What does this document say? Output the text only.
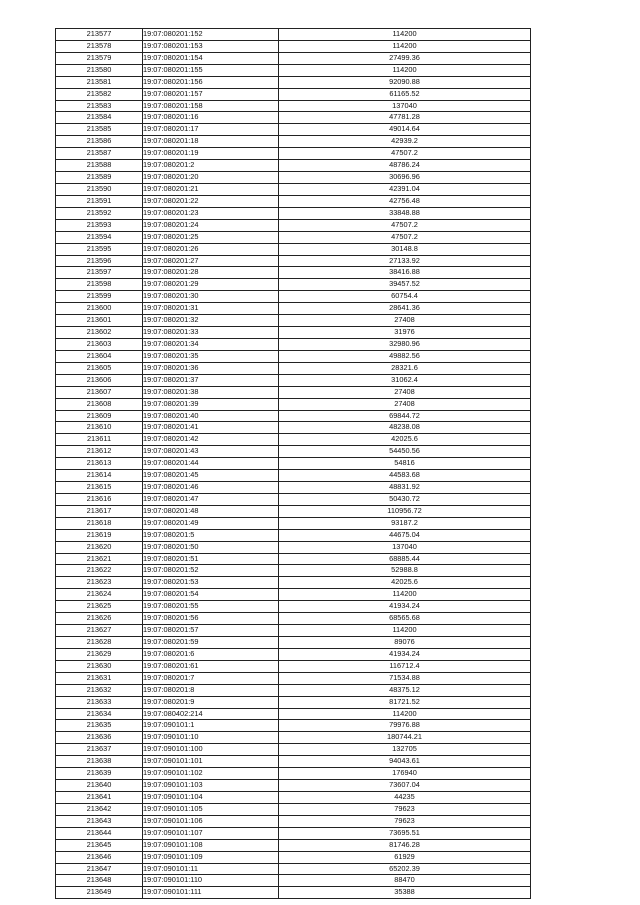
213577	19:07:080201:152	114200
213578	19:07:080201:153	114200
213579	19:07:080201:154	27499.36
213580	19:07:080201:155	114200
213581	19:07:080201:156	92090.88
213582	19:07:080201:157	61165.52
213583	19:07:080201:158	137040
213584	19:07:080201:16	47781.28
213585	19:07:080201:17	49014.64
213586	19:07:080201:18	42939.2
213587	19:07:080201:19	47507.2
213588	19:07:080201:2	48786.24
213589	19:07:080201:20	30696.96
213590	19:07:080201:21	42391.04
213591	19:07:080201:22	42756.48
213592	19:07:080201:23	33848.88
213593	19:07:080201:24	47507.2
213594	19:07:080201:25	47507.2
213595	19:07:080201:26	30148.8
213596	19:07:080201:27	27133.92
213597	19:07:080201:28	38416.88
213598	19:07:080201:29	39457.52
213599	19:07:080201:30	60754.4
213600	19:07:080201:31	28641.36
213601	19:07:080201:32	27408
213602	19:07:080201:33	31976
213603	19:07:080201:34	32980.96
213604	19:07:080201:35	49882.56
213605	19:07:080201:36	28321.6
213606	19:07:080201:37	31062.4
213607	19:07:080201:38	27408
213608	19:07:080201:39	27408
213609	19:07:080201:40	69844.72
213610	19:07:080201:41	48238.08
213611	19:07:080201:42	42025.6
213612	19:07:080201:43	54450.56
213613	19:07:080201:44	54816
213614	19:07:080201:45	44583.68
213615	19:07:080201:46	48831.92
213616	19:07:080201:47	50430.72
213617	19:07:080201:48	110956.72
213618	19:07:080201:49	93187.2
213619	19:07:080201:5	44675.04
213620	19:07:080201:50	137040
213621	19:07:080201:51	68885.44
213622	19:07:080201:52	52988.8
213623	19:07:080201:53	42025.6
213624	19:07:080201:54	114200
213625	19:07:080201:55	41934.24
213626	19:07:080201:56	68565.68
213627	19:07:080201:57	114200
213628	19:07:080201:59	89076
213629	19:07:080201:6	41934.24
213630	19:07:080201:61	116712.4
213631	19:07:080201:7	71534.88
213632	19:07:080201:8	48375.12
213633	19:07:080201:9	81721.52
213634	19:07:080402:214	114200
213635	19:07:090101:1	79976.88
213636	19:07:090101:10	180744.21
213637	19:07:090101:100	132705
213638	19:07:090101:101	94043.61
213639	19:07:090101:102	176940
213640	19:07:090101:103	73607.04
213641	19:07:090101:104	44235
213642	19:07:090101:105	79623
213643	19:07:090101:106	79623
213644	19:07:090101:107	73695.51
213645	19:07:090101:108	81746.28
213646	19:07:090101:109	61929
213647	19:07:090101:11	65202.39
213648	19:07:090101:110	88470
213649	19:07:090101:111	35388
